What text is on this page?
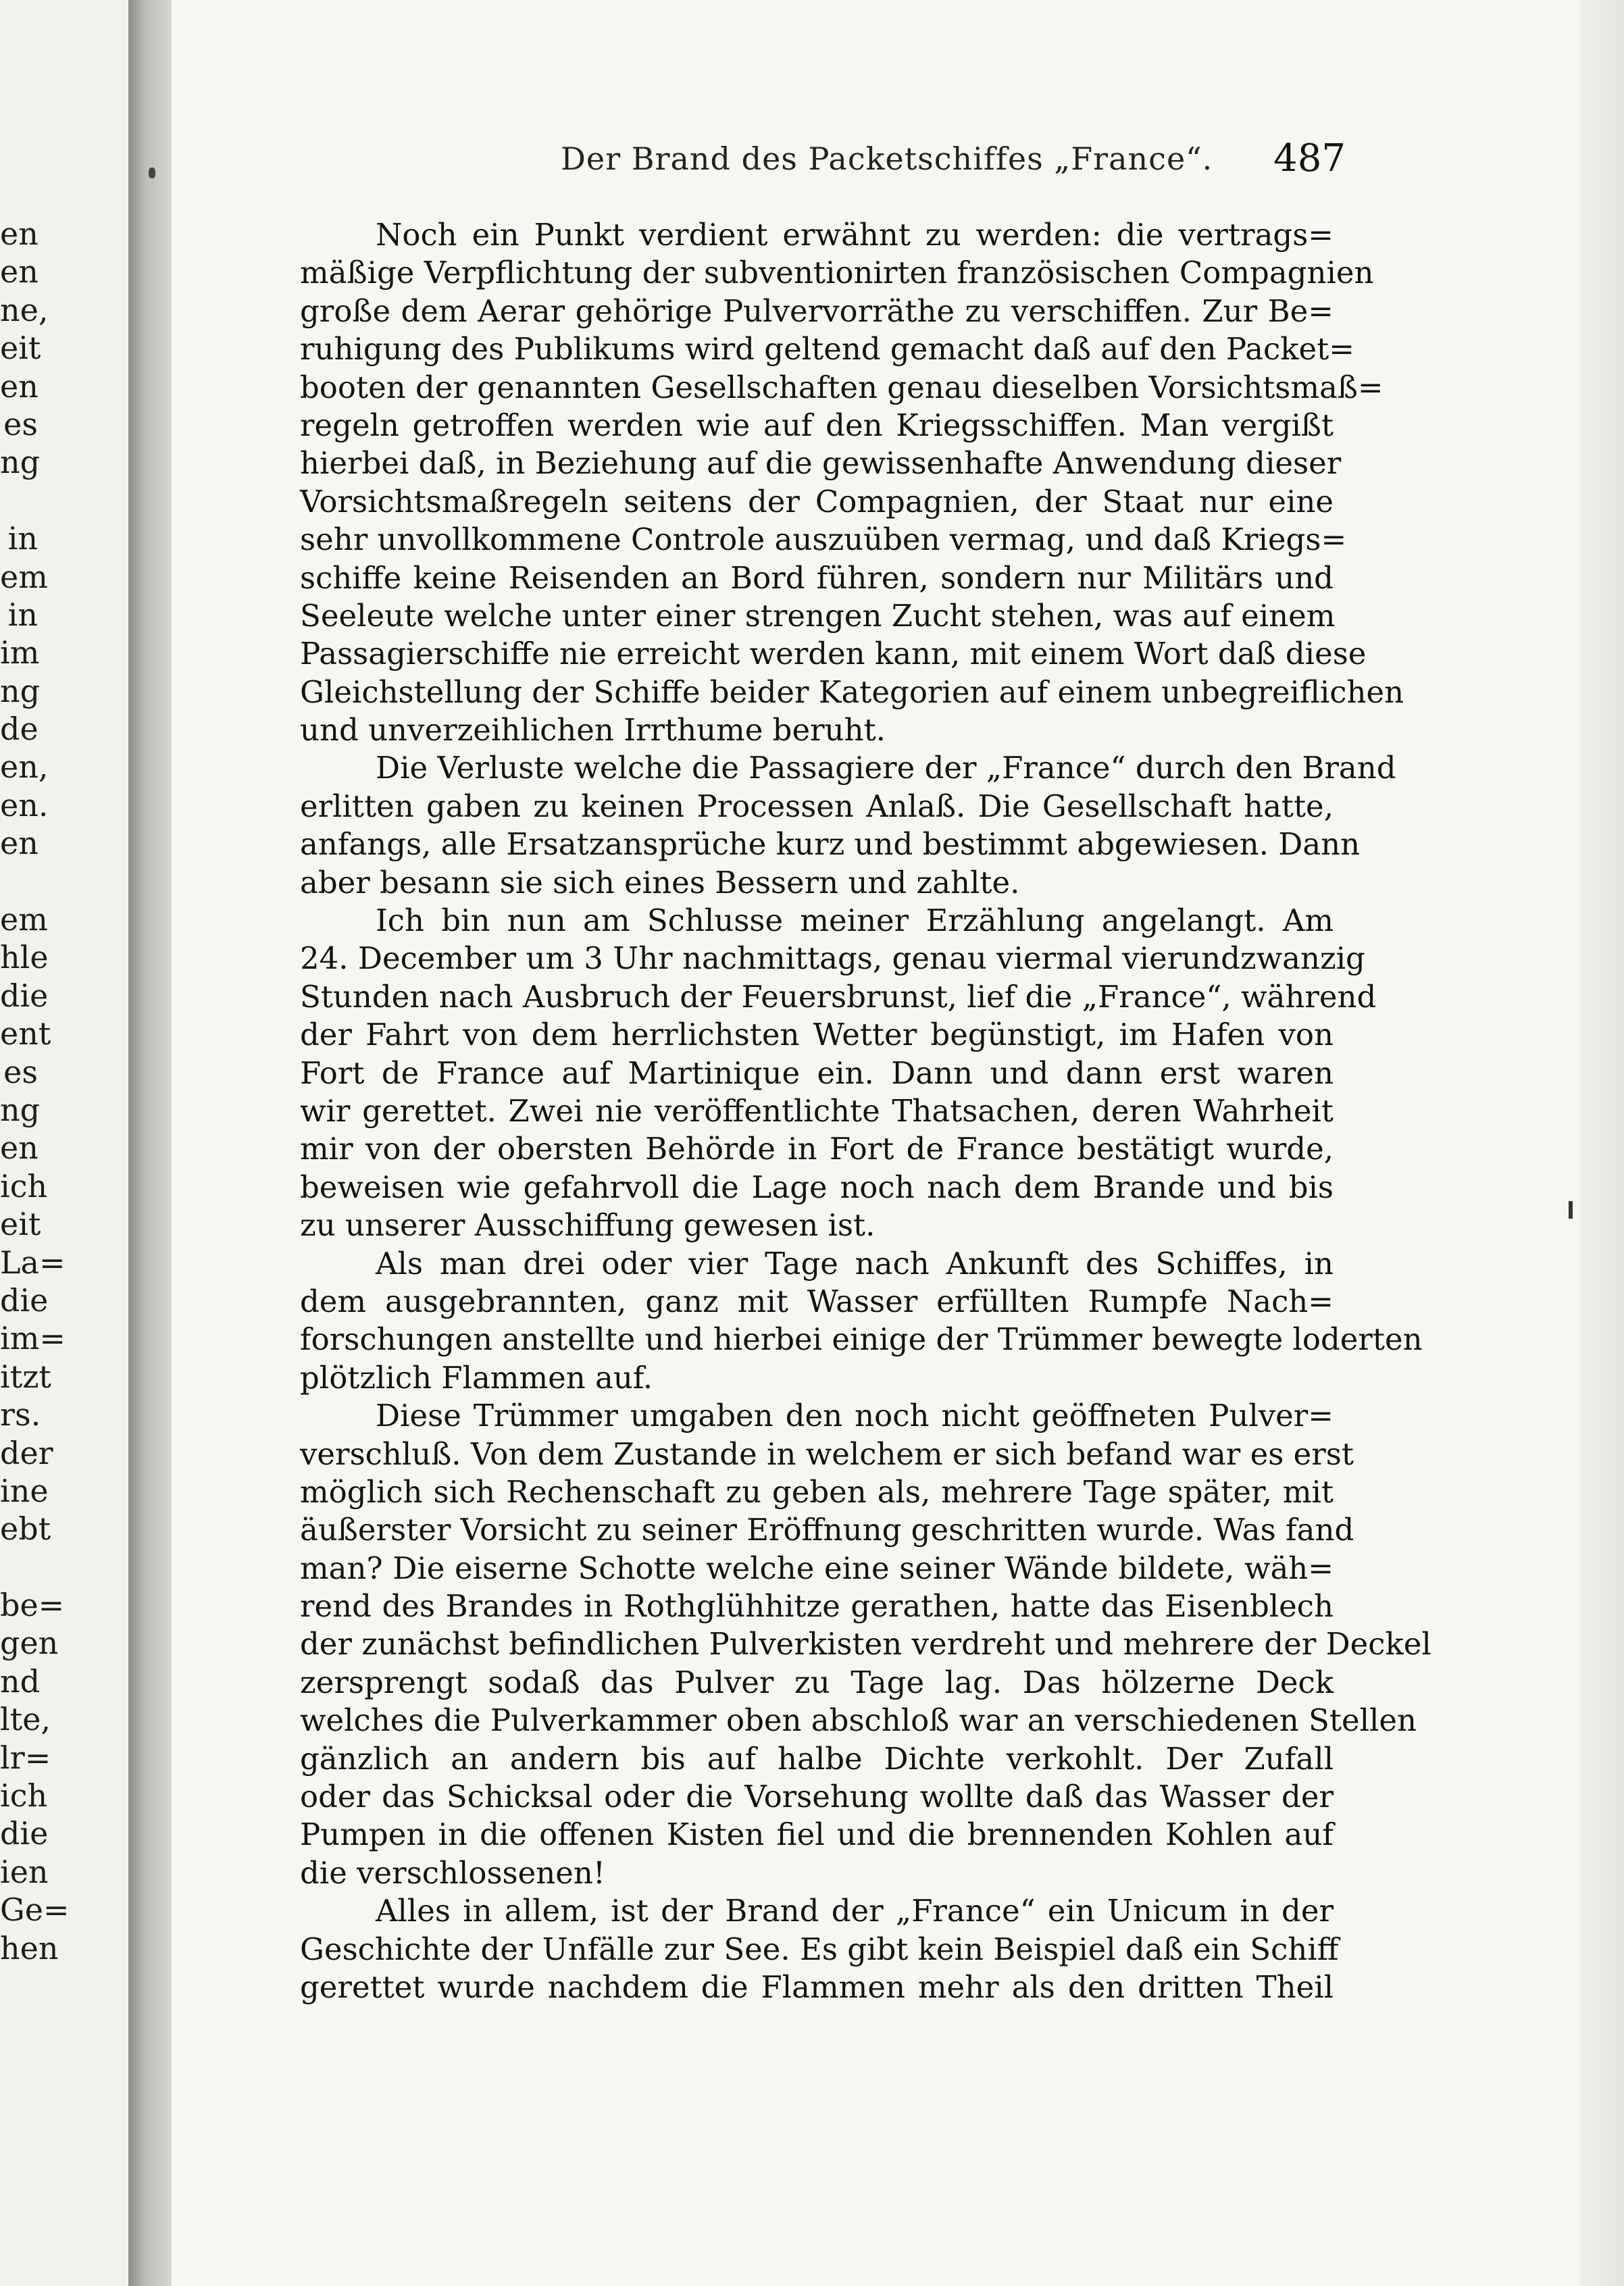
en
en
ne,
eit
en
es
ng
in
em
in
im
ng
de
en,
en.
en
em
hle
die
ent
es
ng
en
ich
eit
La=
die
im=
itzt
rs.
der
ine
ebt
be=
gen
nd
lte,
lr=
ich
die
ien
Ge=
hen
Der Brand des Packetschiffes „France“. 487
Noch ein Punkt verdient erwähnt zu werden: die vertrags=
mäßige Verpflichtung der subventionirten französischen Compagnien
große dem Aerar gehörige Pulvervorräthe zu verschiffen. Zur Be=
ruhigung des Publikums wird geltend gemacht daß auf den Packet=
booten der genannten Gesellschaften genau dieselben Vorsichtsmaß=
regeln getroffen werden wie auf den Kriegsschiffen. Man vergißt
hierbei daß, in Beziehung auf die gewissenhafte Anwendung dieser
Vorsichtsmaßregeln seitens der Compagnien, der Staat nur eine
sehr unvollkommene Controle auszuüben vermag, und daß Kriegs=
schiffe keine Reisenden an Bord führen, sondern nur Militärs und
Seeleute welche unter einer strengen Zucht stehen, was auf einem
Passagierschiffe nie erreicht werden kann, mit einem Wort daß diese
Gleichstellung der Schiffe beider Kategorien auf einem unbegreiflichen
und unverzeihlichen Irrthume beruht.
Die Verluste welche die Passagiere der „France“ durch den Brand
erlitten gaben zu keinen Processen Anlaß. Die Gesellschaft hatte,
anfangs, alle Ersatzansprüche kurz und bestimmt abgewiesen. Dann
aber besann sie sich eines Bessern und zahlte.
Ich bin nun am Schlusse meiner Erzählung angelangt. Am
24. December um 3 Uhr nachmittags, genau viermal vierundzwanzig
Stunden nach Ausbruch der Feuersbrunst, lief die „France“, während
der Fahrt von dem herrlichsten Wetter begünstigt, im Hafen von
Fort de France auf Martinique ein. Dann und dann erst waren
wir gerettet. Zwei nie veröffentlichte Thatsachen, deren Wahrheit
mir von der obersten Behörde in Fort de France bestätigt wurde,
beweisen wie gefahrvoll die Lage noch nach dem Brande und bis
zu unserer Ausschiffung gewesen ist.
Als man drei oder vier Tage nach Ankunft des Schiffes, in
dem ausgebrannten, ganz mit Wasser erfüllten Rumpfe Nach=
forschungen anstellte und hierbei einige der Trümmer bewegte loderten
plötzlich Flammen auf.
Diese Trümmer umgaben den noch nicht geöffneten Pulver=
verschluß. Von dem Zustande in welchem er sich befand war es erst
möglich sich Rechenschaft zu geben als, mehrere Tage später, mit
äußerster Vorsicht zu seiner Eröffnung geschritten wurde. Was fand
man? Die eiserne Schotte welche eine seiner Wände bildete, wäh=
rend des Brandes in Rothglühhitze gerathen, hatte das Eisenblech
der zunächst befindlichen Pulverkisten verdreht und mehrere der Deckel
zersprengt sodaß das Pulver zu Tage lag. Das hölzerne Deck
welches die Pulverkammer oben abschloß war an verschiedenen Stellen
gänzlich an andern bis auf halbe Dichte verkohlt. Der Zufall
oder das Schicksal oder die Vorsehung wollte daß das Wasser der
Pumpen in die offenen Kisten fiel und die brennenden Kohlen auf
die verschlossenen!
Alles in allem, ist der Brand der „France“ ein Unicum in der
Geschichte der Unfälle zur See. Es gibt kein Beispiel daß ein Schiff
gerettet wurde nachdem die Flammen mehr als den dritten Theil
